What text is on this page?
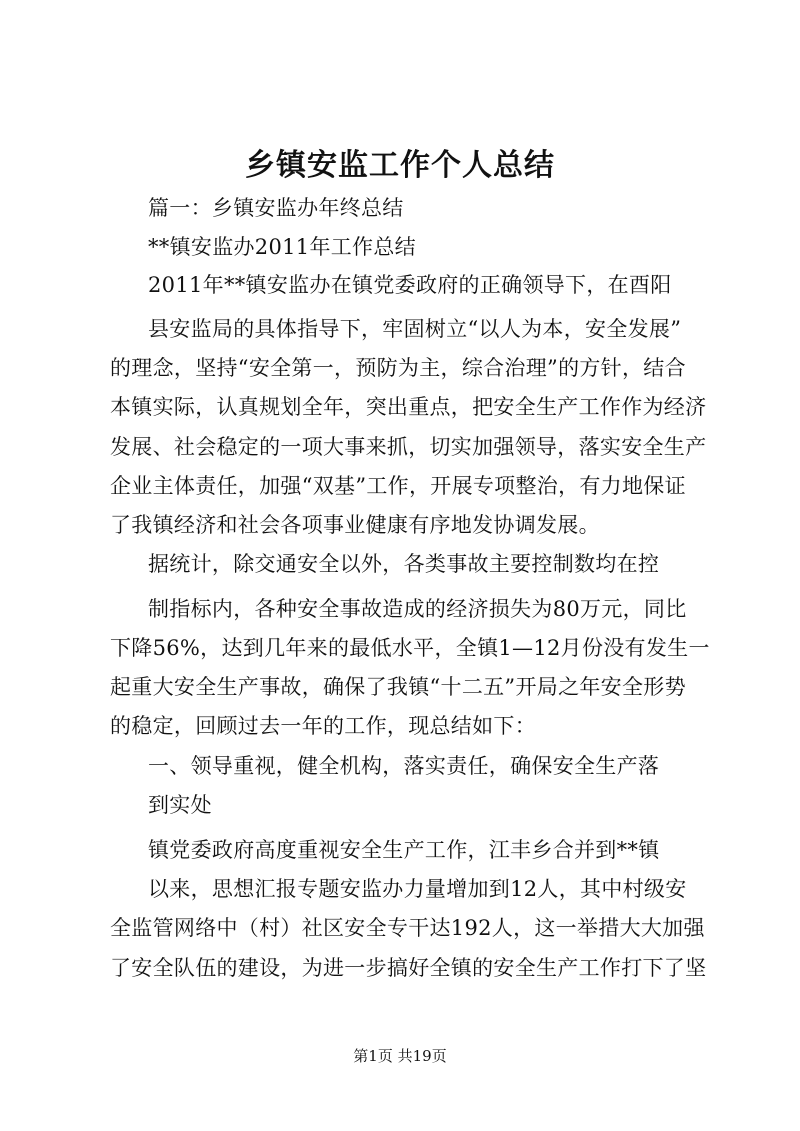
乡镇安监工作个人总结
篇一：乡镇安监办年终总结
**镇安监办2011年工作总结
2011年**镇安监办在镇党委政府的正确领导下，在酉阳
县安监局的具体指导下，牢固树立“以人为本，安全发展”
的理念，坚持“安全第一，预防为主，综合治理”的方针，结合
本镇实际，认真规划全年，突出重点，把安全生产工作作为经济
发展、社会稳定的一项大事来抓，切实加强领导，落实安全生产
企业主体责任，加强“双基”工作，开展专项整治，有力地保证
了我镇经济和社会各项事业健康有序地发协调发展。
据统计，除交通安全以外，各类事故主要控制数均在控
制指标内，各种安全事故造成的经济损失为80万元，同比
下降56%，达到几年来的最低水平，全镇1—12月份没有发生一
起重大安全生产事故，确保了我镇“十二五”开局之年安全形势
的稳定，回顾过去一年的工作，现总结如下：
一、领导重视，健全机构，落实责任，确保安全生产落
到实处
镇党委政府高度重视安全生产工作，江丰乡合并到**镇
以来，思想汇报专题安监办力量增加到12人，其中村级安
全监管网络中（村）社区安全专干达192人，这一举措大大加强
了安全队伍的建设，为进一步搞好全镇的安全生产工作打下了坚
第1页 共19页
